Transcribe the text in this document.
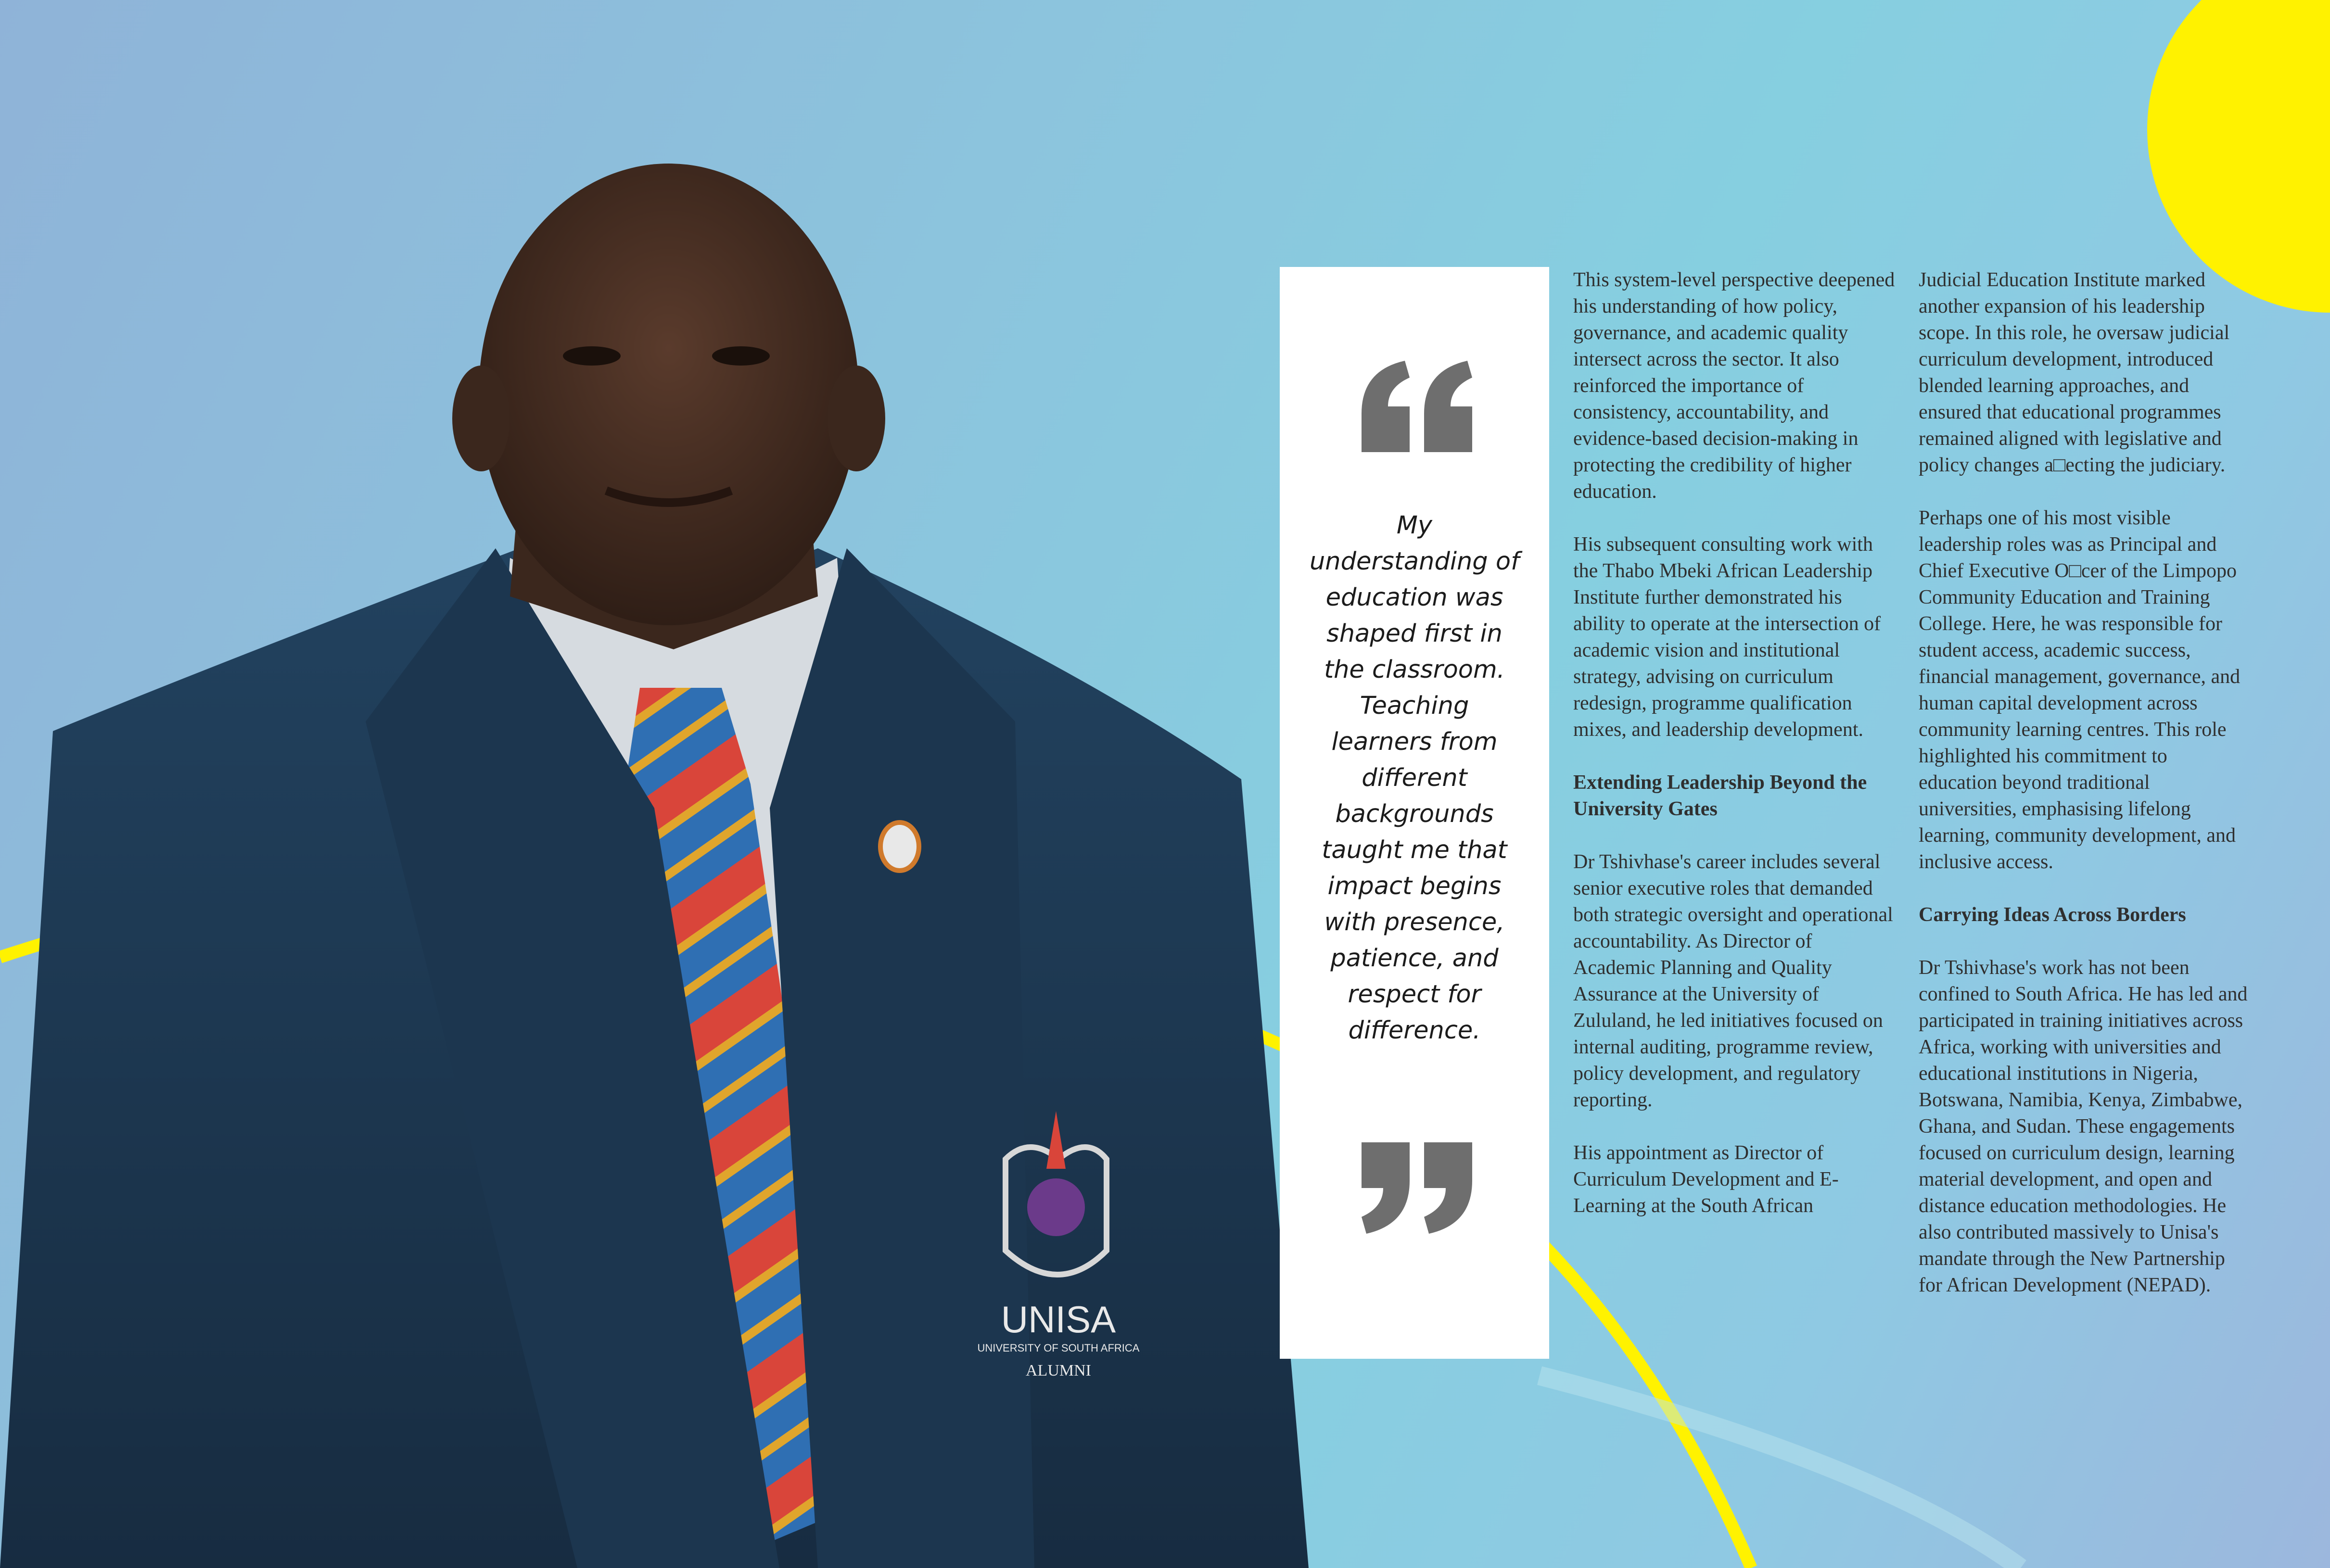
UNISA
UNIVERSITY OF SOUTH AFRICA
ALUMNI
My understanding of education was shaped first in the classroom. Teaching learners from different backgrounds taught me that impact begins with presence, patience, and respect for difference.

This system-level perspective deepened his understanding of how policy, governance, and academic quality intersect across the sector. It also reinforced the importance of consistency, accountability, and evidence-based decision-making in protecting the credibility of higher education.

His subsequent consulting work with the Thabo Mbeki African Leadership Institute further demonstrated his ability to operate at the intersection of academic vision and institutional strategy, advising on curriculum redesign, programme qualification mixes, and leadership development.

Extending Leadership Beyond the University Gates

Dr Tshivhase's career includes several senior executive roles that demanded both strategic oversight and operational accountability. As Director of Academic Planning and Quality Assurance at the University of Zululand, he led initiatives focused on internal auditing, programme review, policy development, and regulatory reporting.

His appointment as Director of Curriculum Development and E-Learning at the South African

Judicial Education Institute marked another expansion of his leadership scope. In this role, he oversaw judicial curriculum development, introduced blended learning approaches, and ensured that educational programmes remained aligned with legislative and policy changes a□ecting the judiciary.

Perhaps one of his most visible leadership roles was as Principal and Chief Executive O□cer of the Limpopo Community Education and Training College. Here, he was responsible for student access, academic success, financial management, governance, and human capital development across community learning centres. This role highlighted his commitment to education beyond traditional universities, emphasising lifelong learning, community development, and inclusive access.

Carrying Ideas Across Borders

Dr Tshivhase's work has not been confined to South Africa. He has led and participated in training initiatives across Africa, working with universities and educational institutions in Nigeria, Botswana, Namibia, Kenya, Zimbabwe, Ghana, and Sudan. These engagements focused on curriculum design, learning material development, and open and distance education methodologies. He also contributed massively to Unisa's mandate through the New Partnership for African Development (NEPAD).
